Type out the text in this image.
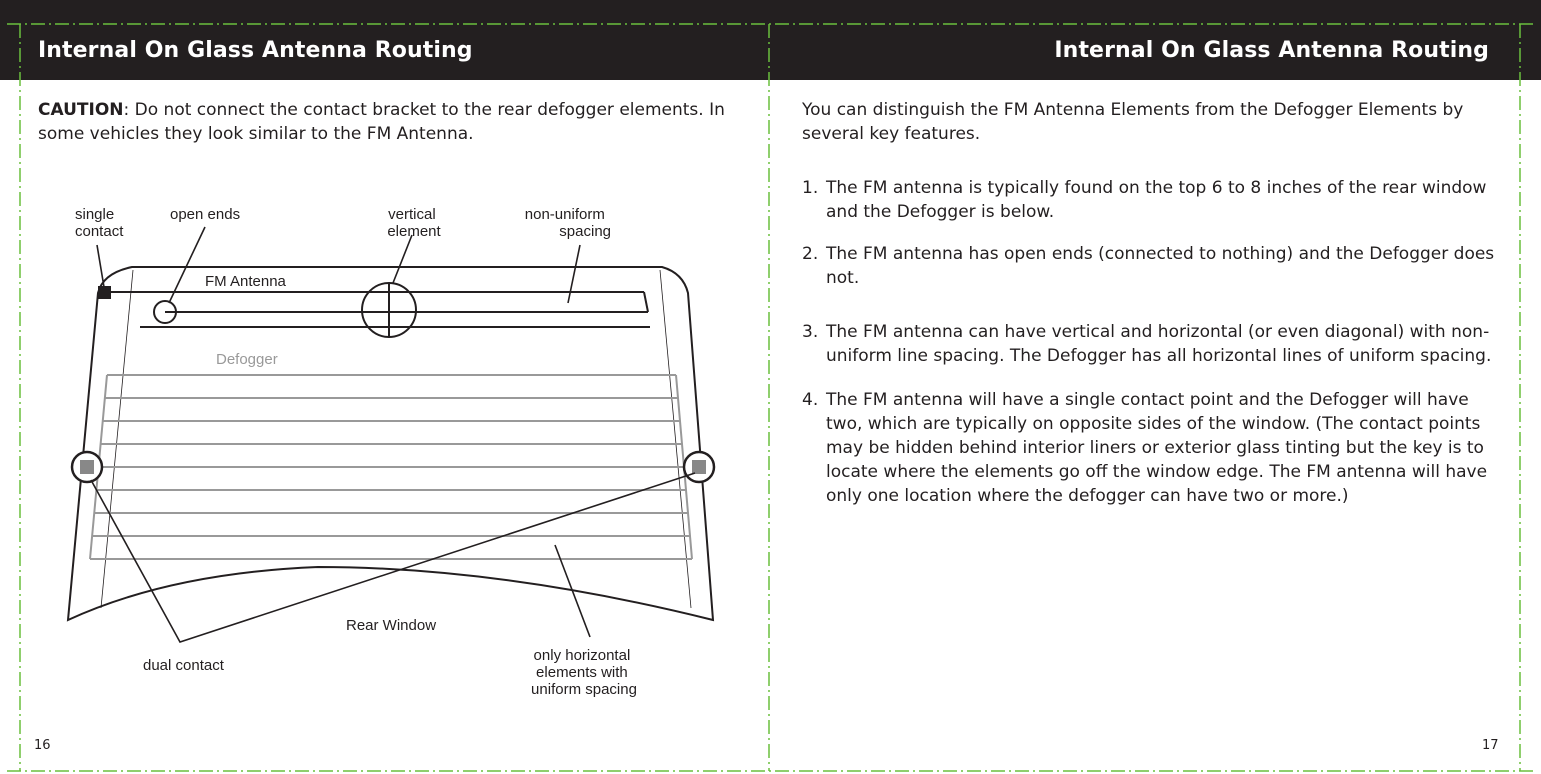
Internal On Glass Antenna Routing

CAUTION: Do not connect the contact bracket to the rear defogger elements. In some vehicles they look similar to the FM Antenna.

single contact
open ends	vertical element
non-uniform spacing
FM Antenna
Defogger
Rear Window
dual contact
only horizontal elements with uniform spacing

16

Internal On Glass Antenna Routing

You can distinguish the FM Antenna Elements from the Defogger Elements by several key features.

1. The FM antenna is typically found on the top 6 to 8 inches of the rear window and the Defogger is below.
2. The FM antenna has open ends (connected to nothing) and the Defogger does not.
3. The FM antenna can have vertical and horizontal (or even diagonal) with non-uniform line spacing. The Defogger has all horizontal lines of uniform spacing.
4. The FM antenna will have a single contact point and the Defogger will have two, which are typically on opposite sides of the window. (The contact points may be hidden behind interior liners or exterior glass tinting but the key is to locate where the elements go off the window edge. The FM antenna will have only one location where the defogger can have two or more.)

17
